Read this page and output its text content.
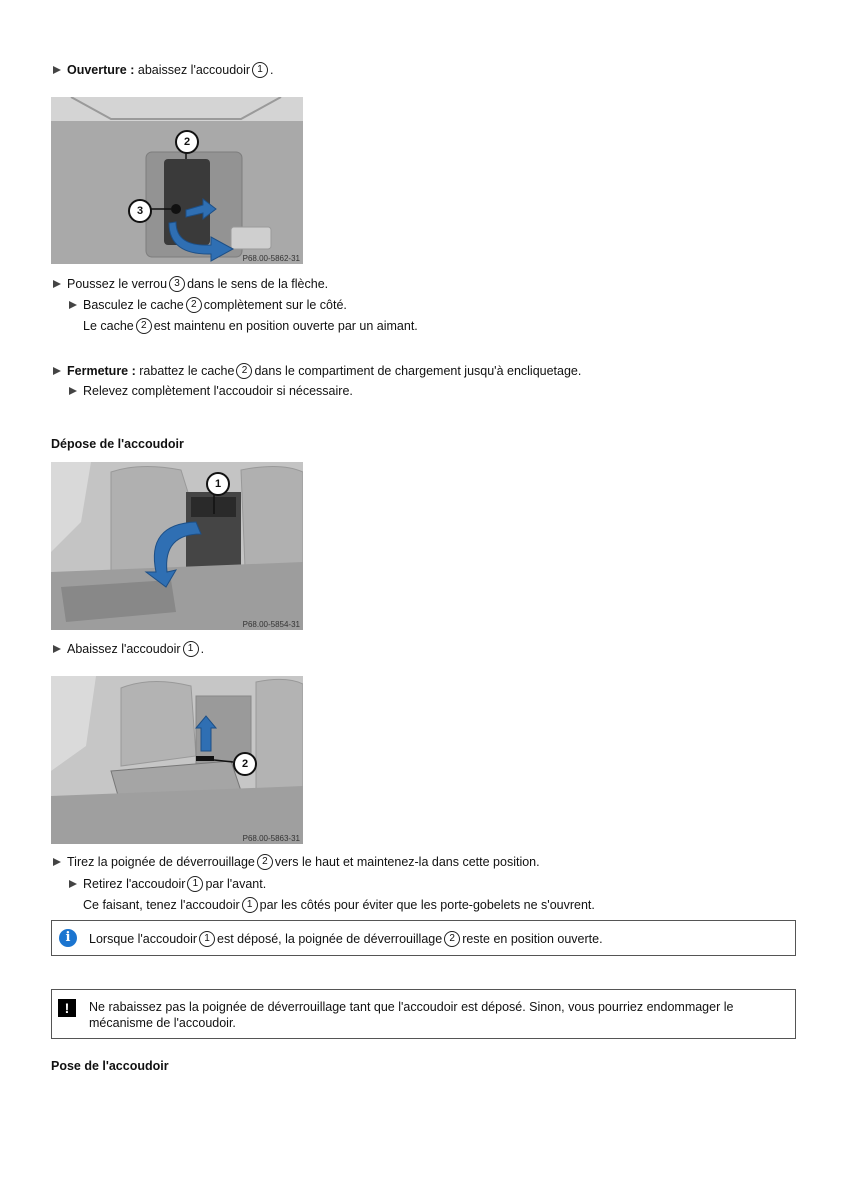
Ouverture : abaissez l'accoudoir 1 .
2
3
P68.00-5862-31
Poussez le verrou 3 dans le sens de la flèche.
Basculez le cache 2 complètement sur le côté.
Le cache 2 est maintenu en position ouverte par un aimant.
Fermeture : rabattez le cache 2 dans le compartiment de chargement jusqu'à encliquetage.
Relevez complètement l'accoudoir si nécessaire.
Dépose de l'accoudoir
1
P68.00-5854-31
Abaissez l'accoudoir 1 .
2
P68.00-5863-31
Tirez la poignée de déverrouillage 2 vers le haut et maintenez-la dans cette position.
Retirez l'accoudoir 1 par l'avant.
Ce faisant, tenez l'accoudoir 1 par les côtés pour éviter que les porte-gobelets ne s'ouvrent.
i	Lorsque l'accoudoir 1 est déposé, la poignée de déverrouillage 2 reste en position ouverte.
!	Ne rabaissez pas la poignée de déverrouillage tant que l'accoudoir est déposé. Sinon, vous pourriez endommager le
mécanisme de l'accoudoir.
Pose de l'accoudoir
